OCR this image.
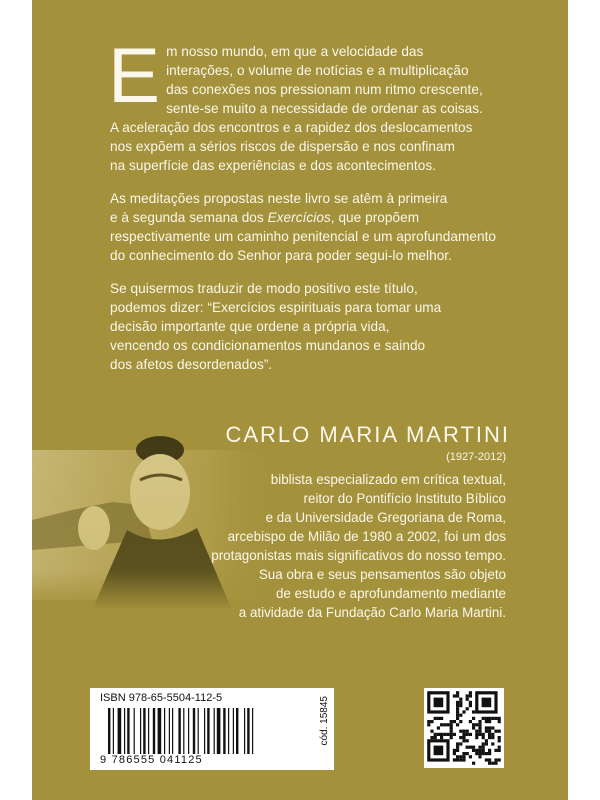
E m nosso mundo, em que a velocidade das
interações, o volume de notícias e a multiplicação
das conexões nos pressionam num ritmo crescente,
sente-se muito a necessidade de ordenar as coisas.
A aceleração dos encontros e a rapidez dos deslocamentos
nos expõem a sérios riscos de dispersão e nos confinam
na superfície das experiências e dos acontecimentos.

As meditações propostas neste livro se atêm à primeira
e à segunda semana dos Exercícios, que propõem
respectivamente um caminho penitencial e um aprofundamento
do conhecimento do Senhor para poder segui-lo melhor.

Se quisermos traduzir de modo positivo este título,
podemos dizer: “Exercícios espirituais para tomar uma
decisão importante que ordene a própria vida,
vencendo os condicionamentos mundanos e saindo
dos afetos desordenados”.

CARLO MARIA MARTINI
(1927-2012)
biblista especializado em crítica textual,
reitor do Pontifício Instituto Bíblico
e da Universidade Gregoriana de Roma,
arcebispo de Milão de 1980 a 2002, foi um dos
protagonistas mais significativos do nosso tempo.
Sua obra e seus pensamentos são objeto
de estudo e aprofundamento mediante
a atividade da Fundação Carlo Maria Martini.
ISBN 978-65-5504-112-5	cód. 15845
9 786555 041125
